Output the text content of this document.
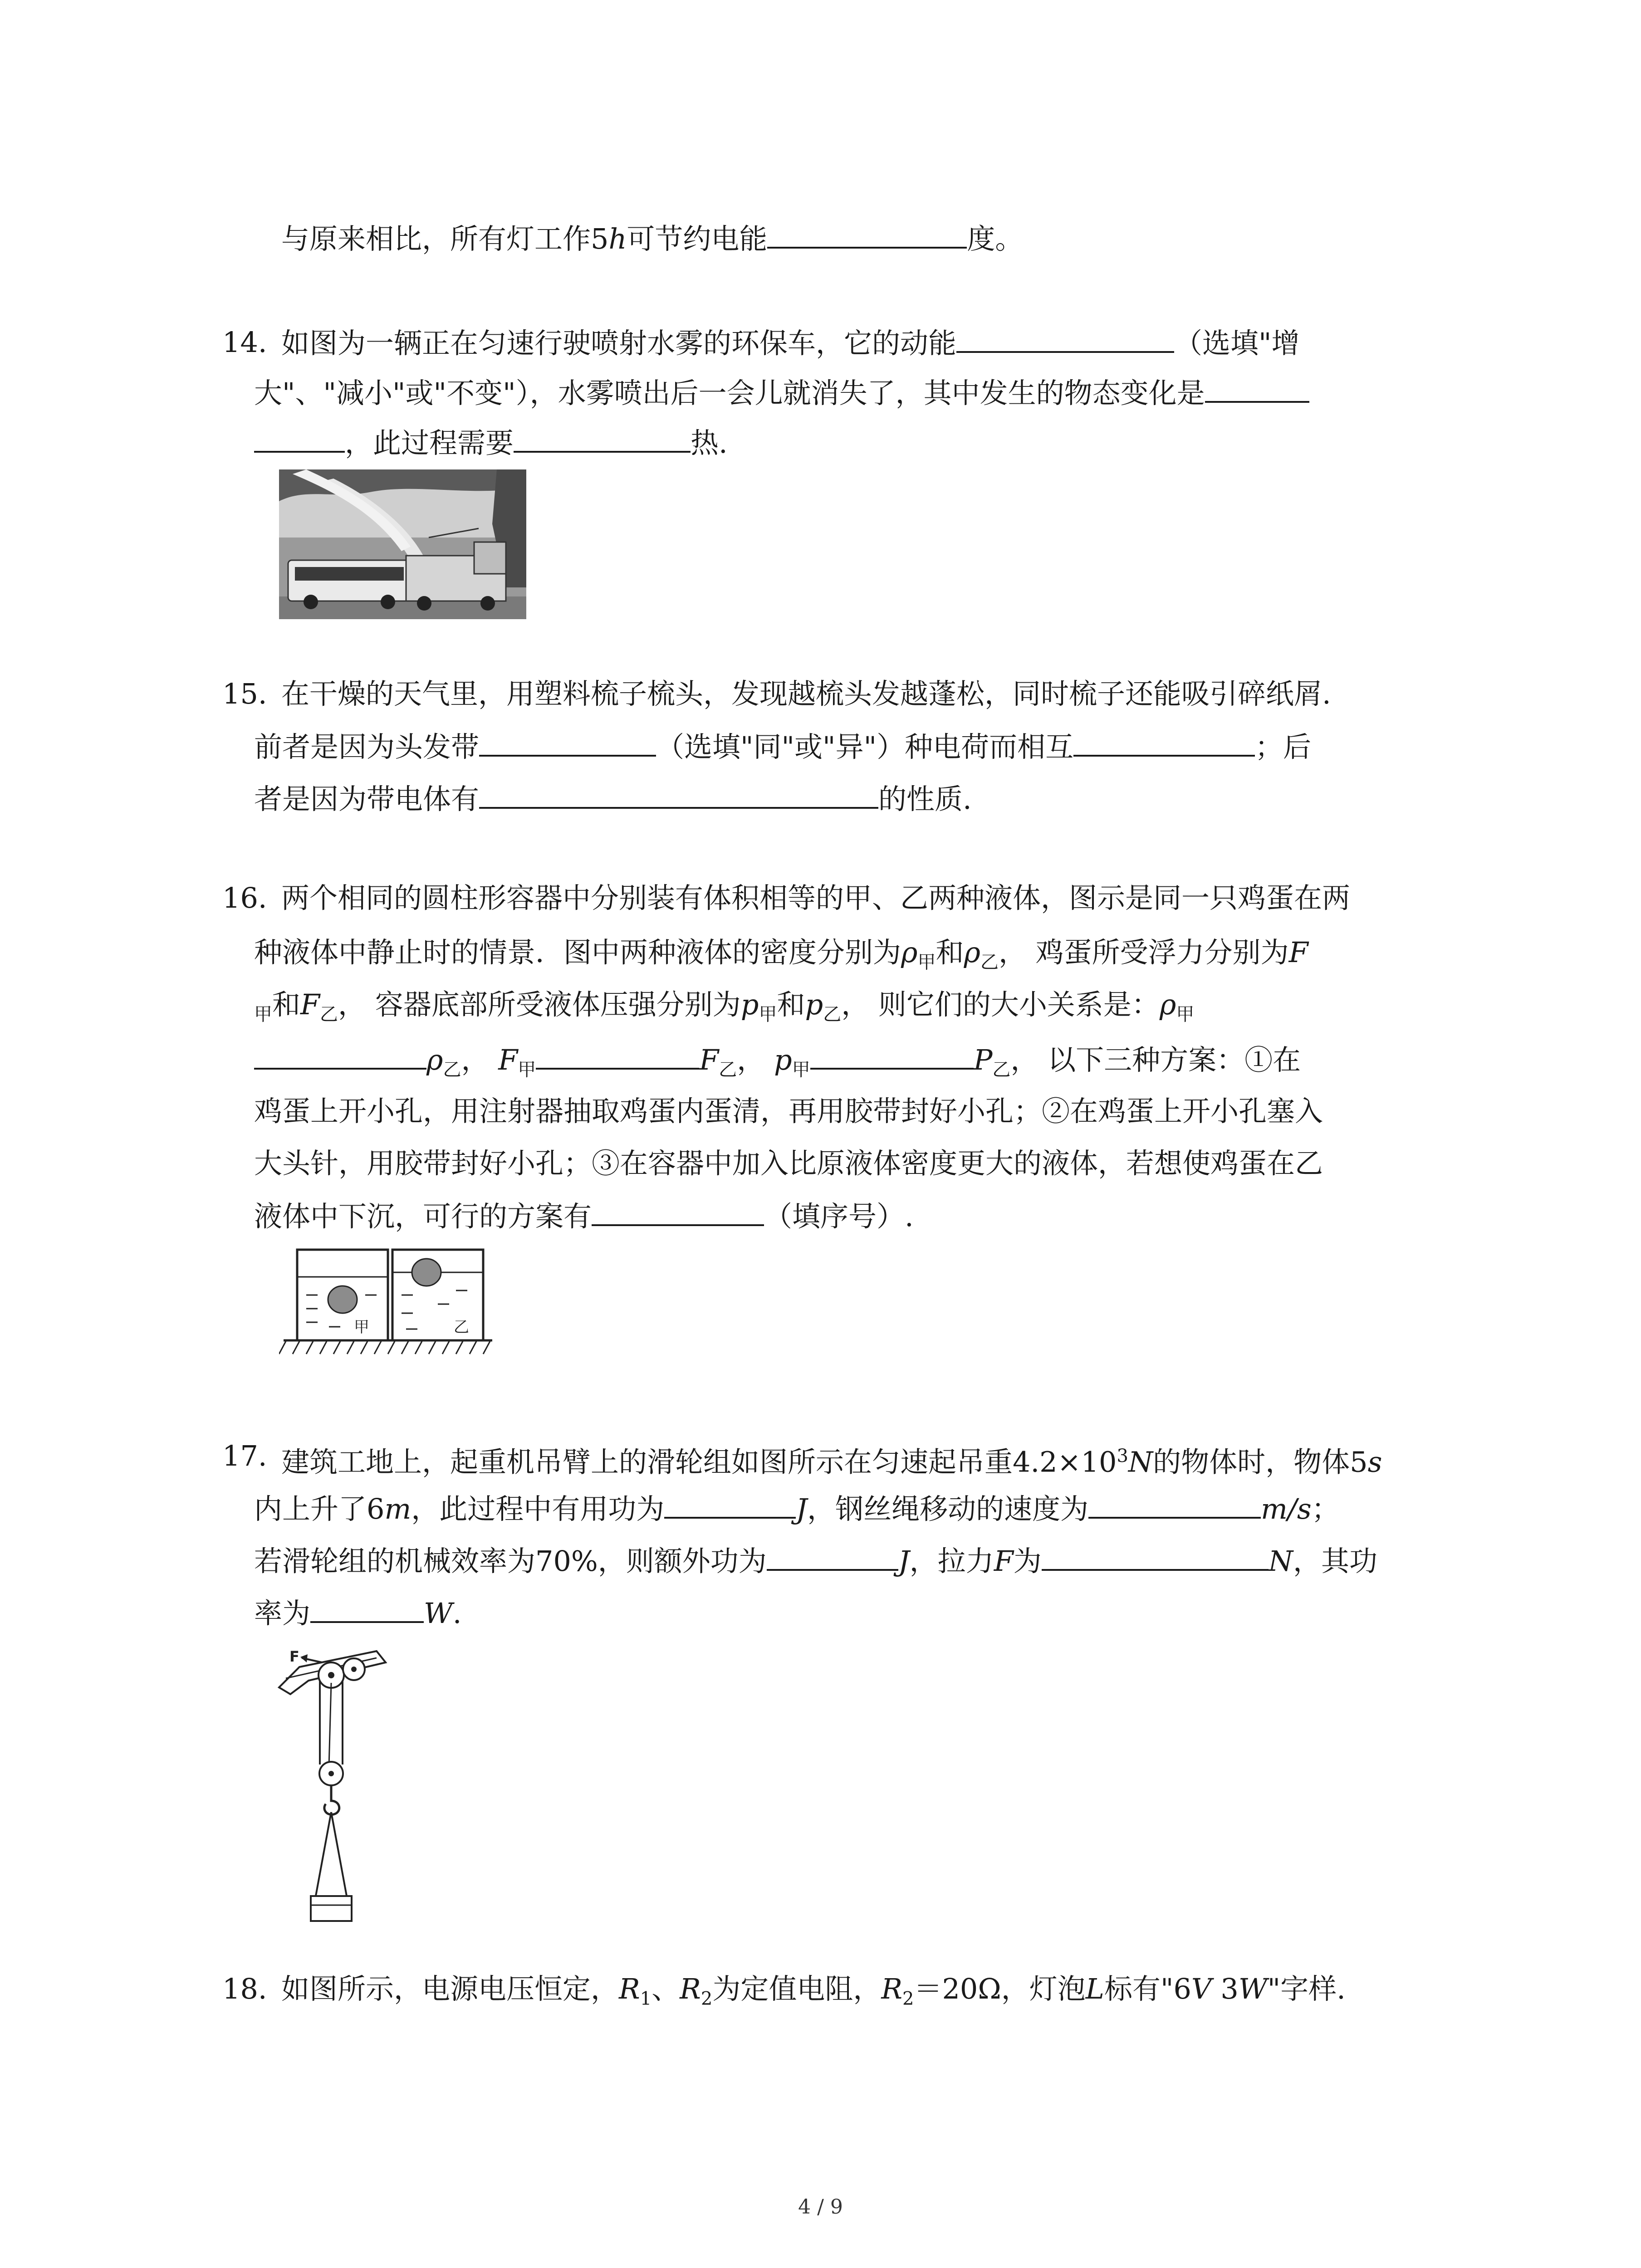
与原来相比，所有灯工作5h可节约电能	度。
14. 如图为一辆正在匀速行驶喷射水雾的环保车，它的动能	（选填"增
大"、"减小"或"不变"），水雾喷出后一会儿就消失了，其中发生的物态变化是
，此过程需要	热.
15. 在干燥的天气里，用塑料梳子梳头，发现越梳头发越蓬松，同时梳子还能吸引碎纸屑.
前者是因为头发带	（选填"同"或"异"）种电荷而相互	；后
者是因为带电体有	的性质.
16. 两个相同的圆柱形容器中分别装有体积相等的甲、乙两种液体，图示是同一只鸡蛋在两
种液体中静止时的情景．图中两种液体的密度分别为$\rho_甲$和$\rho_乙$， 鸡蛋所受浮力分别为F
$_甲$和$F_乙$， 容器底部所受液体压强分别为$p_甲$和$p_乙$， 则它们的大小关系是：$\rho_甲$
$\rho_乙$， $F_甲$	$F_乙$， $p_甲$	$P_乙$， 以下三种方案：①在
鸡蛋上开小孔，用注射器抽取鸡蛋内蛋清，再用胶带封好小孔；②在鸡蛋上开小孔塞入
大头针，用胶带封好小孔；③在容器中加入比原液体密度更大的液体，若想使鸡蛋在乙
液体中下沉，可行的方案有	（填序号）.
甲	乙
17. 建筑工地上，起重机吊臂上的滑轮组如图所示在匀速起吊重$4.2\times 10^3N$的物体时，物体5s
内上升了6m，此过程中有用功为	J，钢丝绳移动的速度为	m/s；
若滑轮组的机械效率为70%，则额外功为	J，拉力F为	N，其功
率为	W.
F
18. 如图所示，电源电压恒定，$R_1$、$R_2$为定值电阻，$R_2=20\Omega$，灯泡L标有"6V 3W"字样.
4 / 9
